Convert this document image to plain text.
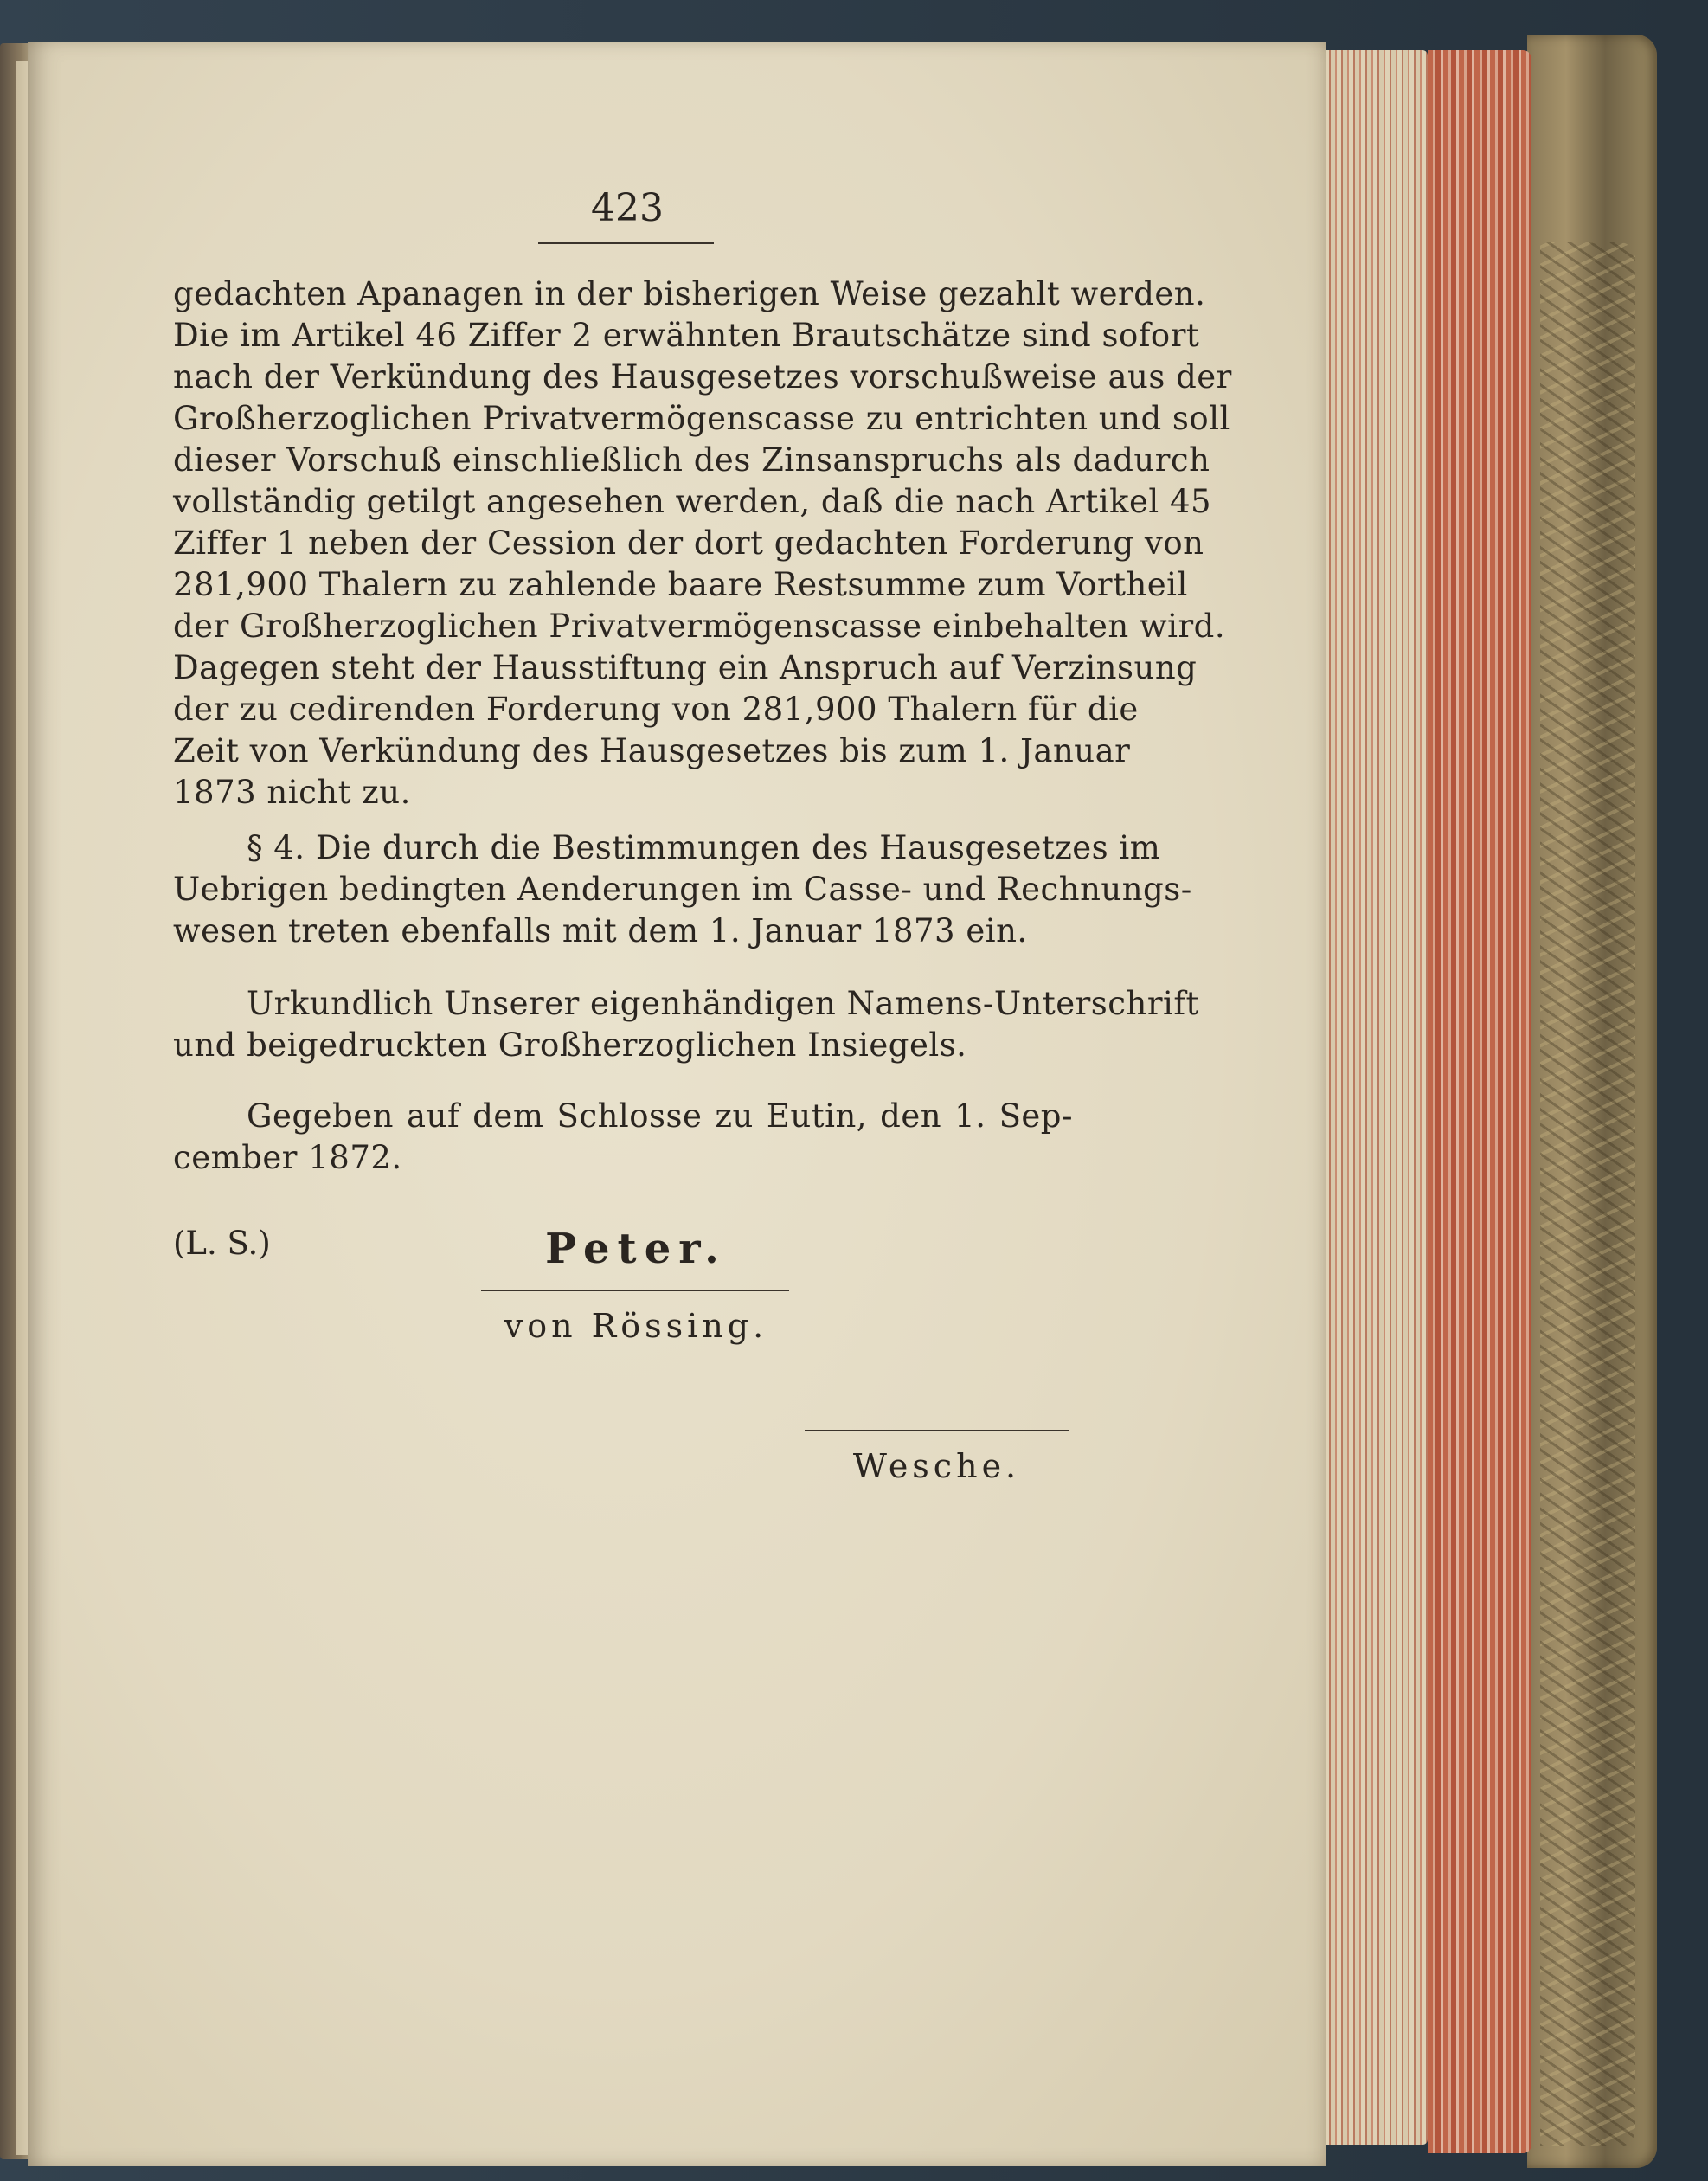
423
gedachten Apanagen in der bisherigen Weise gezahlt werden.
Die im Artikel 46 Ziffer 2 erwähnten Brautschätze sind sofort
nach der Verkündung des Hausgesetzes vorschußweise aus der
Großherzoglichen Privatvermögenscasse zu entrichten und soll
dieser Vorschuß einschließlich des Zinsanspruchs als dadurch
vollständig getilgt angesehen werden, daß die nach Artikel 45
Ziffer 1 neben der Cession der dort gedachten Forderung von
281,900 Thalern zu zahlende baare Restsumme zum Vortheil
der Großherzoglichen Privatvermögenscasse einbehalten wird.
Dagegen steht der Hausstiftung ein Anspruch auf Verzinsung
der zu cedirenden Forderung von 281,900 Thalern für die
Zeit von Verkündung des Hausgesetzes bis zum 1. Januar
1873 nicht zu.
§ 4. Die durch die Bestimmungen des Hausgesetzes im
Uebrigen bedingten Aenderungen im Casse- und Rechnungs-
wesen treten ebenfalls mit dem 1. Januar 1873 ein.
Urkundlich Unserer eigenhändigen Namens-Unterschrift
und beigedruckten Großherzoglichen Insiegels.
Gegeben auf dem Schlosse zu Eutin, den 1. Sep-
cember 1872.
(L. S.)	Peter.
von Rössing.
Wesche.
